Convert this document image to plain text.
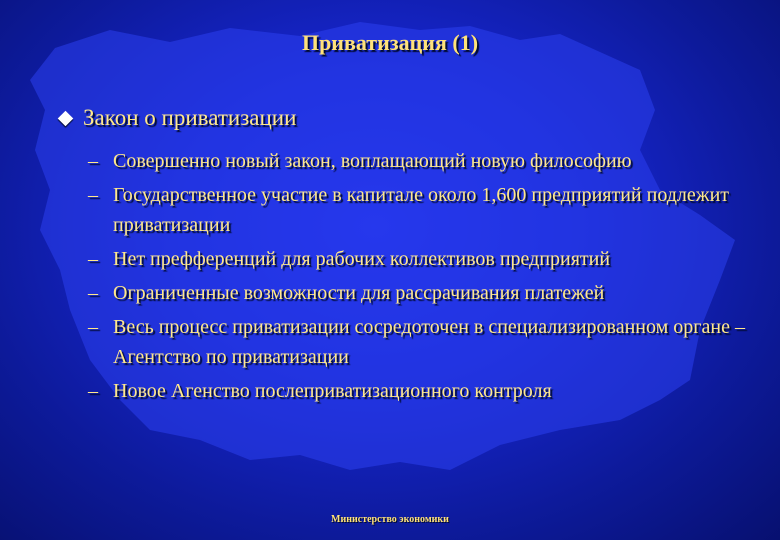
Приватизация (1)
Закон о приватизации
– Совершенно новый закон, воплащающий новую философию
– Государственное участие в капитале около 1,600 предприятий подлежит приватизации
– Нет префференций для рабочих коллективов предприятий
– Ограниченные возможности для рассрачивания платежей
– Весь процесс приватизации сосредоточен в специализированном органе – Агентство по приватизации
– Новое Агенство послеприватизационного контроля
Министерство экономики
